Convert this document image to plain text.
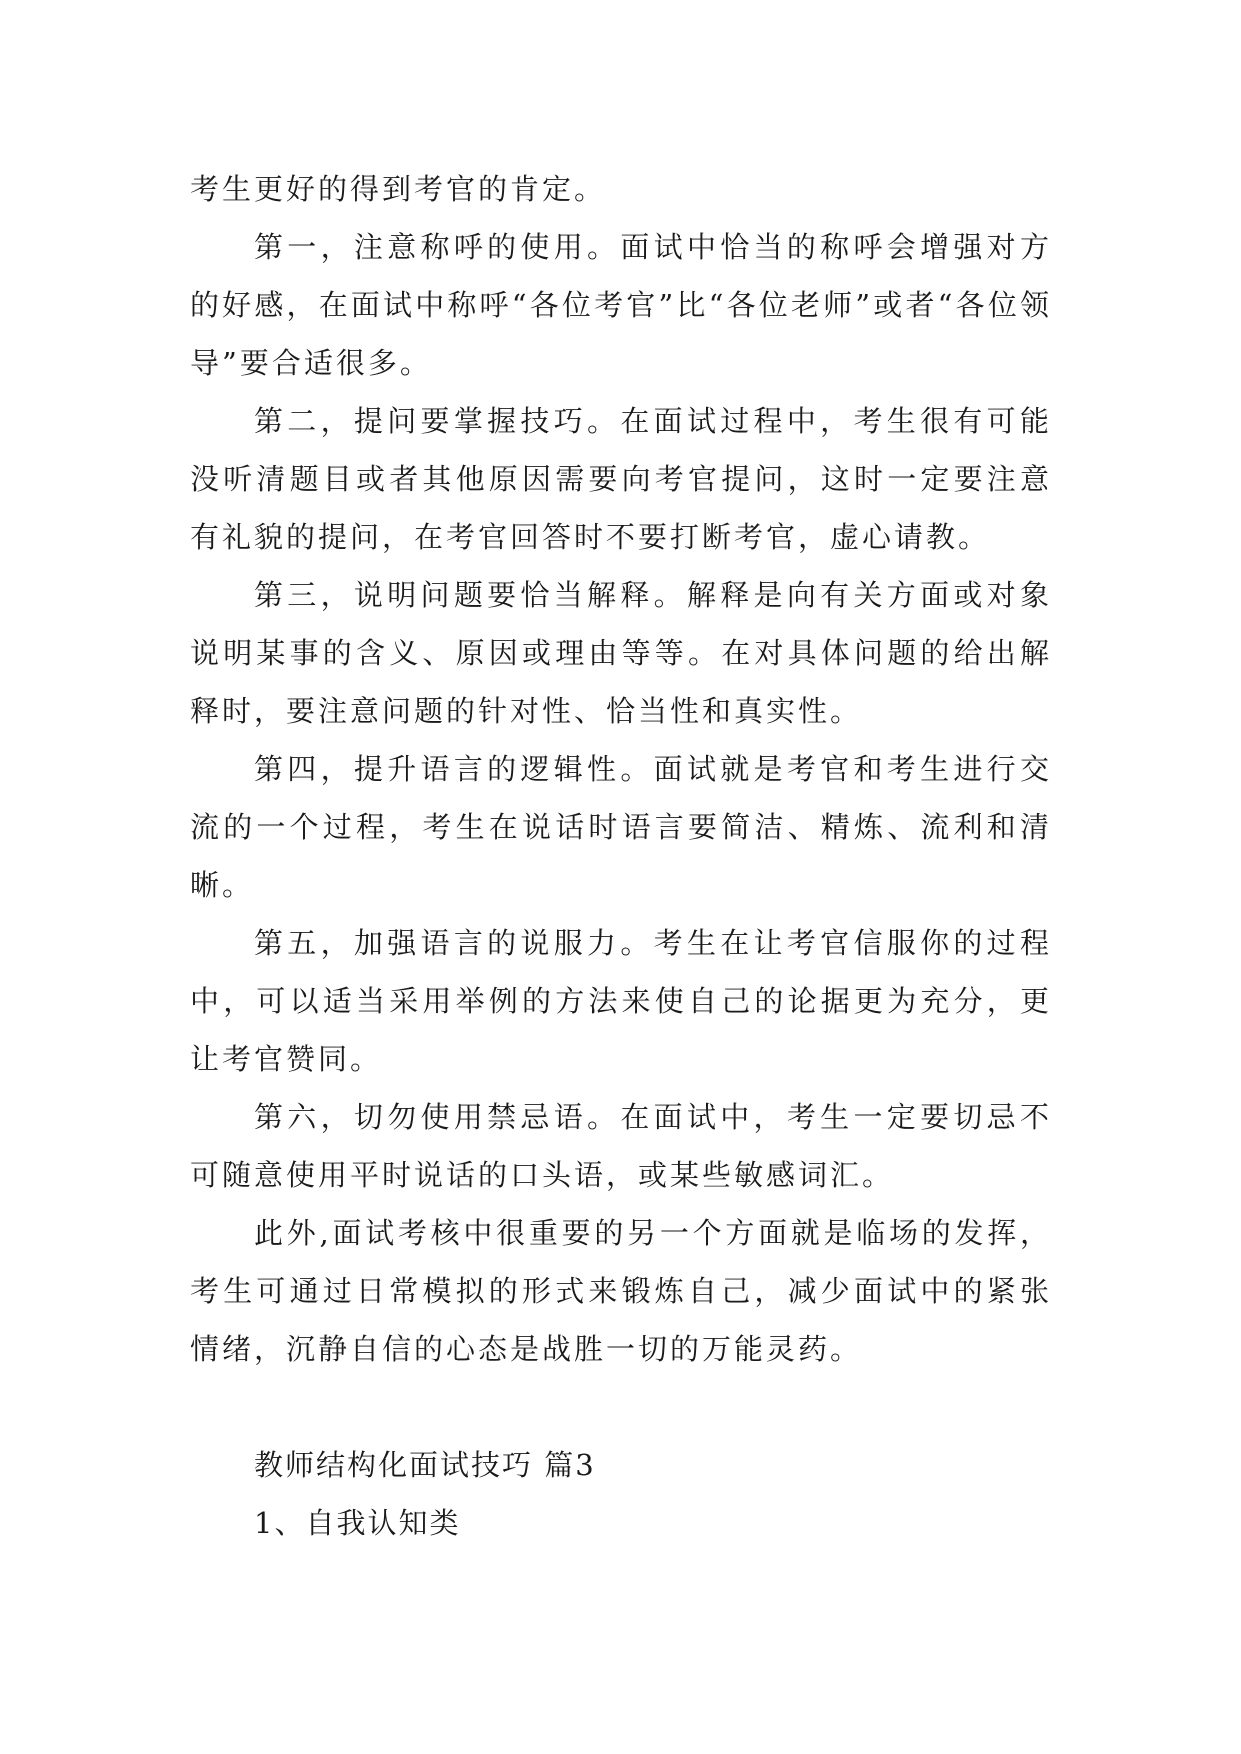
考生更好的得到考官的肯定。

第一，注意称呼的使用。面试中恰当的称呼会增强对方的好感，在面试中称呼“各位考官”比“各位老师”或者“各位领导”要合适很多。

第二，提问要掌握技巧。在面试过程中，考生很有可能没听清题目或者其他原因需要向考官提问，这时一定要注意有礼貌的提问，在考官回答时不要打断考官，虚心请教。

第三，说明问题要恰当解释。解释是向有关方面或对象说明某事的含义、原因或理由等等。在对具体问题的给出解释时，要注意问题的针对性、恰当性和真实性。

第四，提升语言的逻辑性。面试就是考官和考生进行交流的一个过程，考生在说话时语言要简洁、精炼、流利和清晰。

第五，加强语言的说服力。考生在让考官信服你的过程中，可以适当采用举例的方法来使自己的论据更为充分，更让考官赞同。

第六，切勿使用禁忌语。在面试中，考生一定要切忌不可随意使用平时说话的口头语，或某些敏感词汇。

此外,面试考核中很重要的另一个方面就是临场的发挥，考生可通过日常模拟的形式来锻炼自己，减少面试中的紧张情绪，沉静自信的心态是战胜一切的万能灵药。

教师结构化面试技巧 篇3

1、自我认知类
